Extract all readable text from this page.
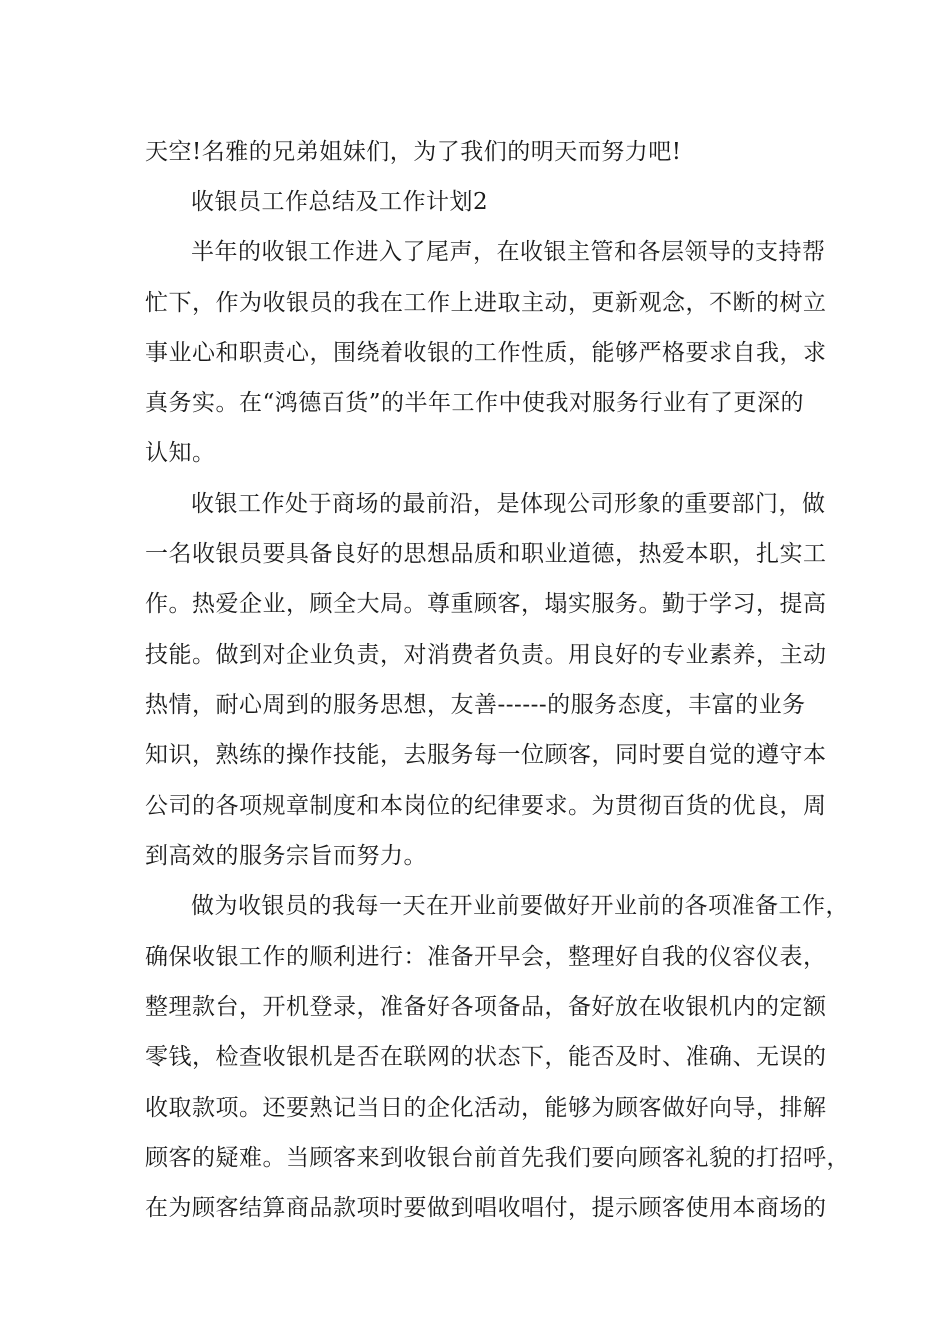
天空!名雅的兄弟姐妹们，为了我们的明天而努力吧!
收银员工作总结及工作计划2
半年的收银工作进入了尾声，在收银主管和各层领导的支持帮
忙下，作为收银员的我在工作上进取主动，更新观念，不断的树立
事业心和职责心，围绕着收银的工作性质，能够严格要求自我，求
真务实。在“鸿德百货”的半年工作中使我对服务行业有了更深的
认知。
收银工作处于商场的最前沿，是体现公司形象的重要部门，做
一名收银员要具备良好的思想品质和职业道德，热爱本职，扎实工
作。热爱企业，顾全大局。尊重顾客，塌实服务。勤于学习，提高
技能。做到对企业负责，对消费者负责。用良好的专业素养，主动
热情，耐心周到的服务思想，友善------的服务态度，丰富的业务
知识，熟练的操作技能，去服务每一位顾客，同时要自觉的遵守本
公司的各项规章制度和本岗位的纪律要求。为贯彻百货的优良，周
到高效的服务宗旨而努力。
做为收银员的我每一天在开业前要做好开业前的各项准备工作，
确保收银工作的顺利进行：准备开早会，整理好自我的仪容仪表，
整理款台，开机登录，准备好各项备品，备好放在收银机内的定额
零钱，检查收银机是否在联网的状态下，能否及时、准确、无误的
收取款项。还要熟记当日的企化活动，能够为顾客做好向导，排解
顾客的疑难。当顾客来到收银台前首先我们要向顾客礼貌的打招呼，
在为顾客结算商品款项时要做到唱收唱付，提示顾客使用本商场的
